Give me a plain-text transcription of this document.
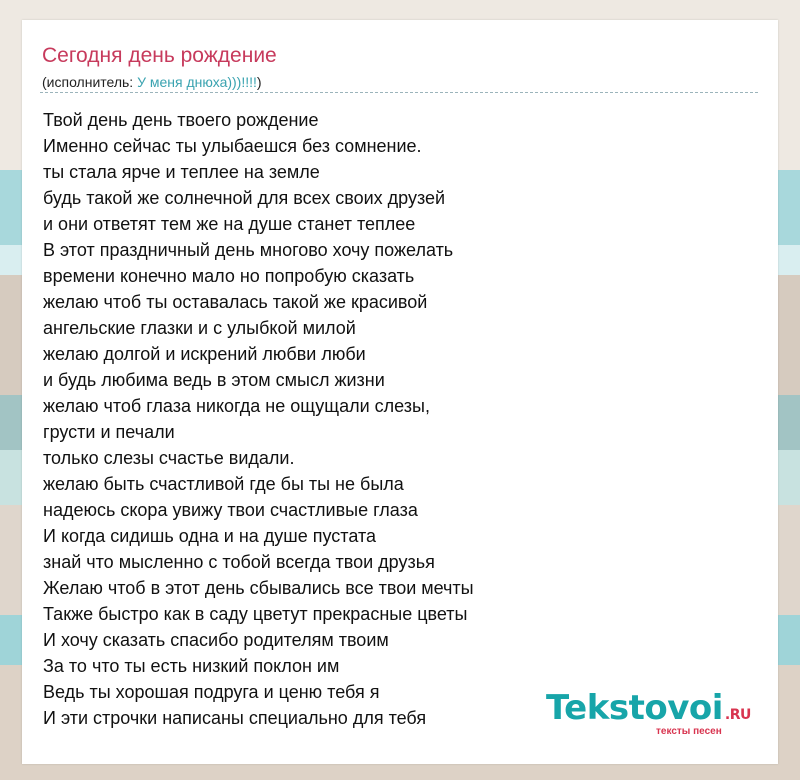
Сегодня день рождение
(исполнитель: У меня днюха)))!!!!)
Твой день день твоего рождение
Именно сейчас ты улыбаешся без сомнение.
ты стала ярче и теплее на земле
будь такой же солнечной для всех своих друзей
и они ответят тем же на душе станет теплее
В этот праздничный день многово хочу пожелать
времени конечно мало но попробую сказать
желаю чтоб ты оставалась такой же красивой
ангельские глазки и с улыбкой милой
желаю долгой и искрений любви люби
и будь любима ведь в этом смысл жизни
желаю чтоб глаза никогда не ощущали слезы,
грусти и печали
только слезы счастье видали.
желаю быть счастливой где бы ты не была
надеюсь скора увижу твои счастливые глаза
И когда сидишь одна и на душе пустата
знай что мысленно с тобой всегда твои друзья
Желаю чтоб в этот день сбывались все твои мечты
Также быстро как в саду цветут прекрасные цветы
И хочу сказать спасибо родителям твоим
За то что ты есть низкий поклон им
Ведь ты хорошая подруга и ценю тебя я
И эти строчки написаны специально для тебя	Tekstovoi .RU
тексты песен
